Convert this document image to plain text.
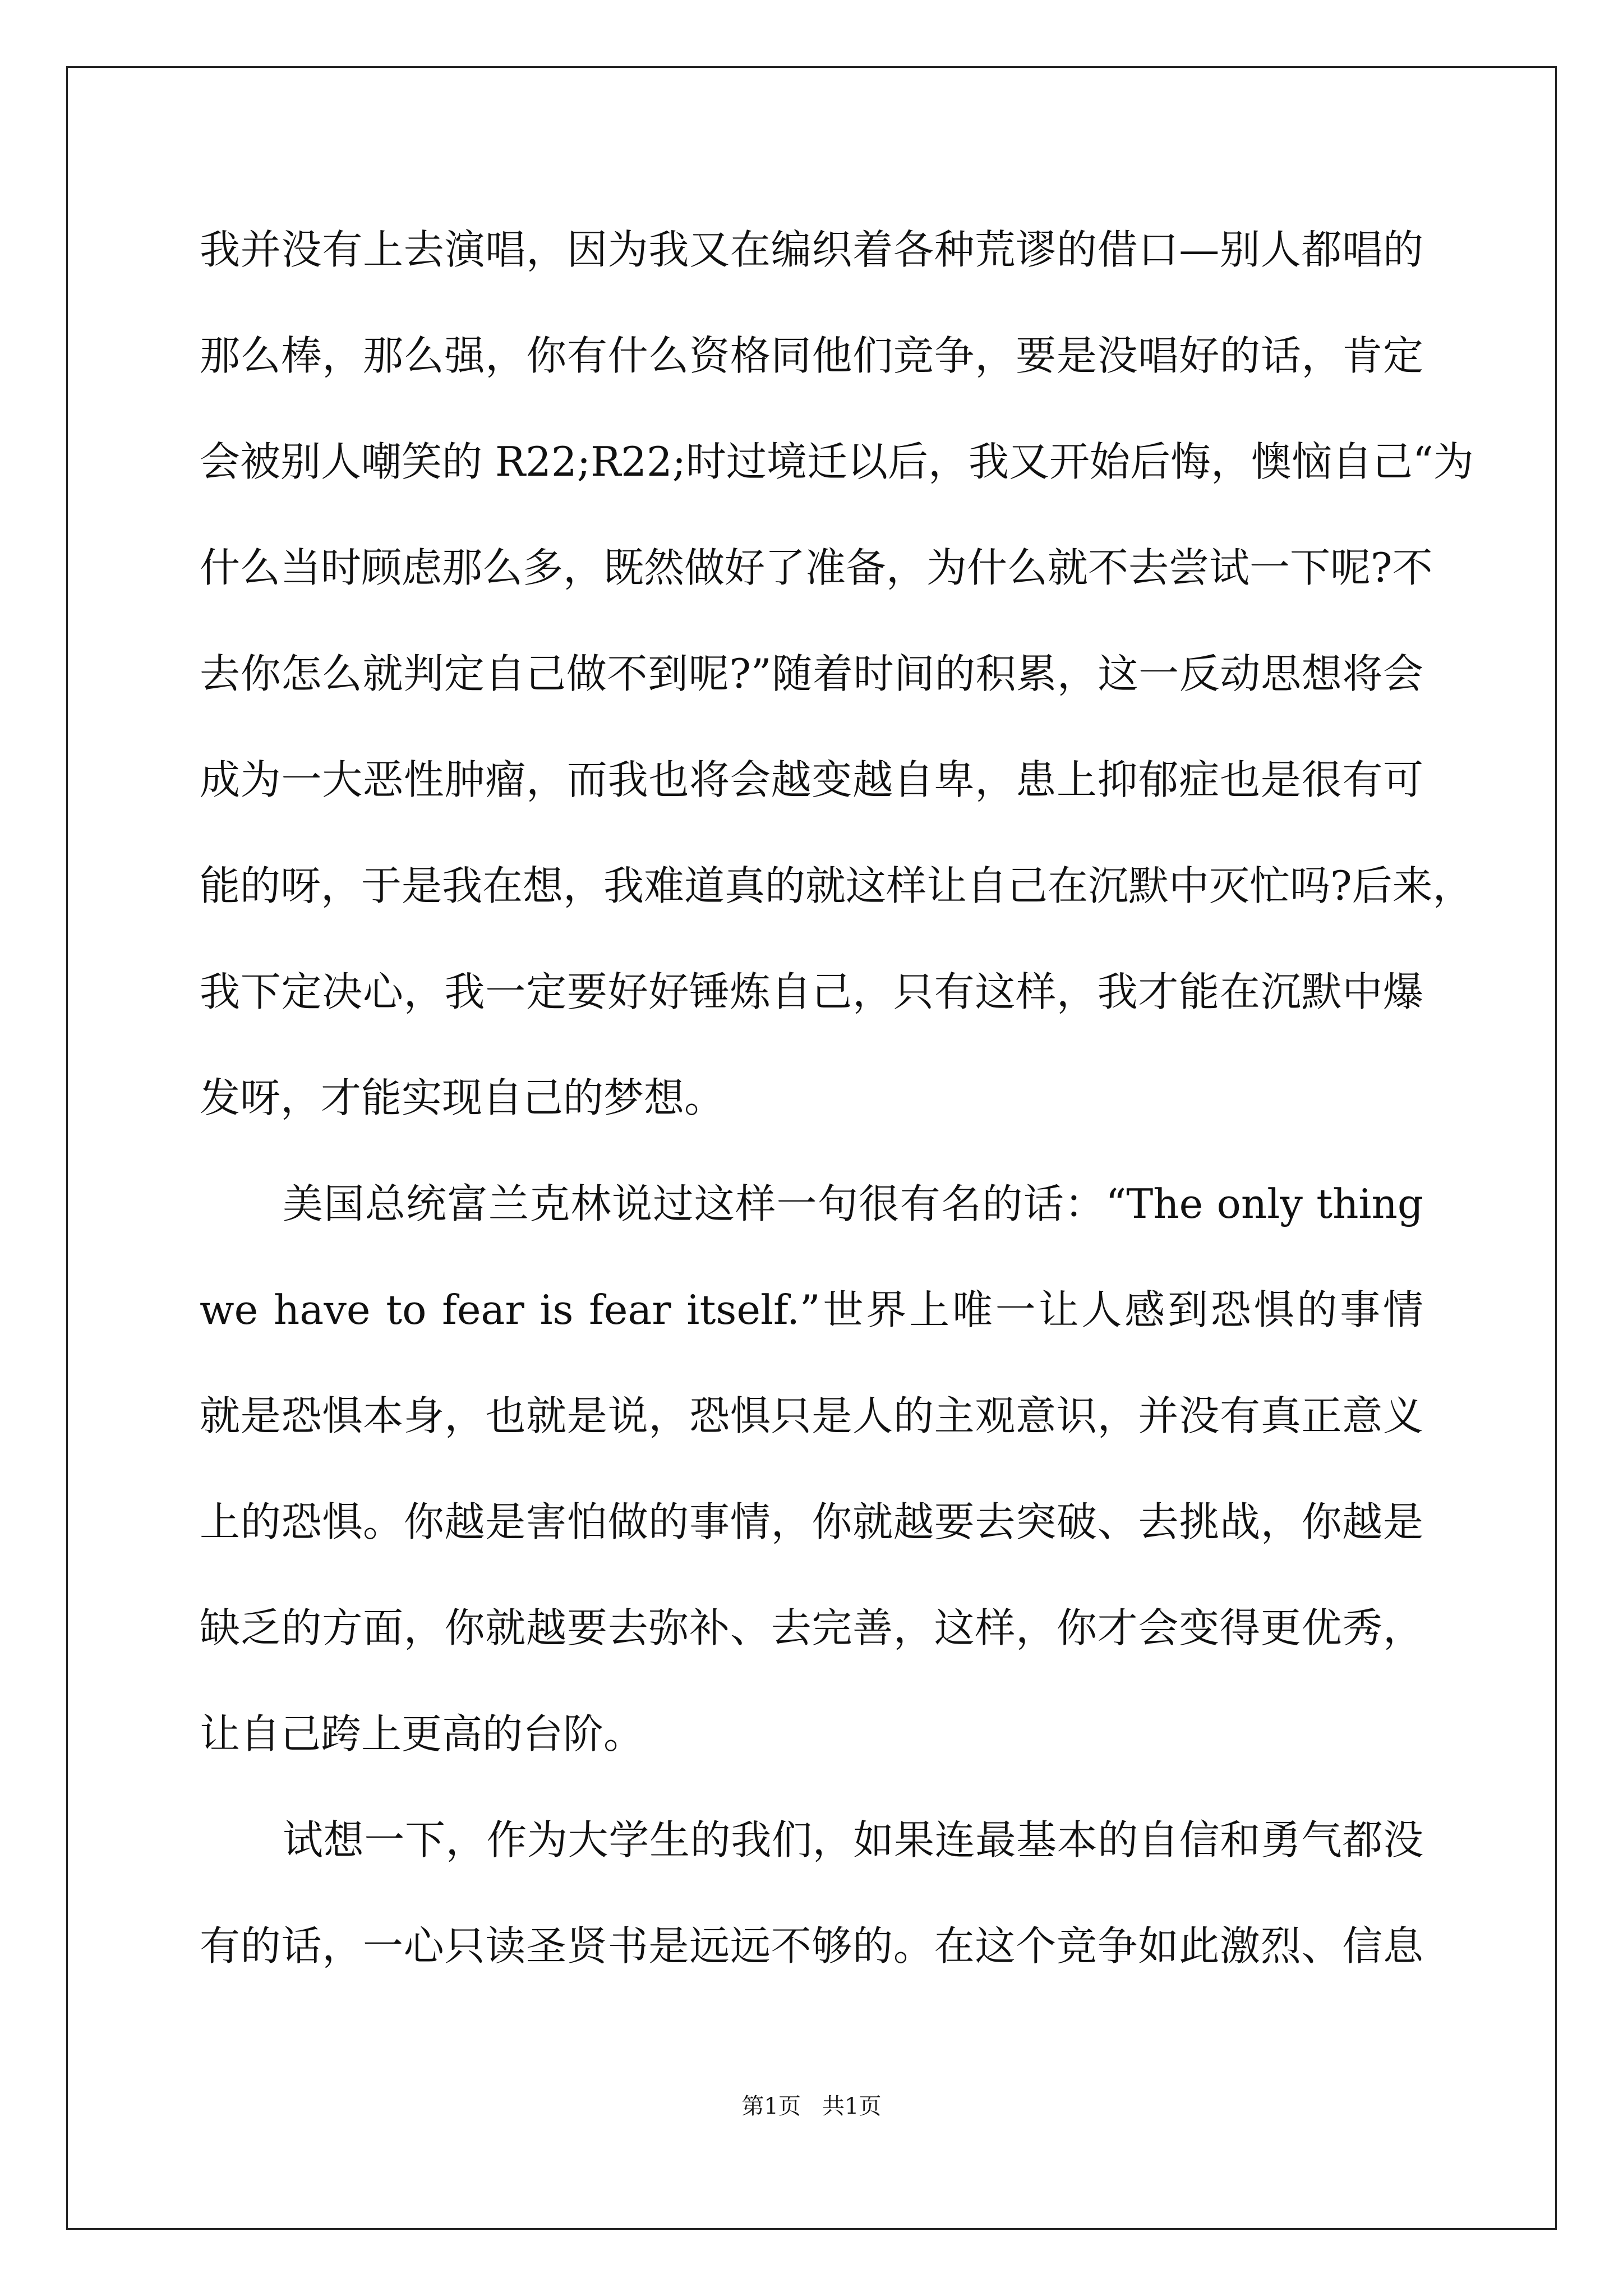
我并没有上去演唱，因为我又在编织着各种荒谬的借口—别人都唱的
那么棒，那么强，你有什么资格同他们竞争，要是没唱好的话，肯定
会被别人嘲笑的 R22;R22;时过境迁以后，我又开始后悔，懊恼自己“为
什么当时顾虑那么多，既然做好了准备，为什么就不去尝试一下呢?不
去你怎么就判定自己做不到呢?”随着时间的积累，这一反动思想将会
成为一大恶性肿瘤，而我也将会越变越自卑，患上抑郁症也是很有可
能的呀，于是我在想，我难道真的就这样让自己在沉默中灭忙吗?后来，
我下定决心，我一定要好好锤炼自己，只有这样，我才能在沉默中爆
发呀，才能实现自己的梦想。
美国总统富兰克林说过这样一句很有名的话：“The only thing
we have to fear is fear itself.”世界上唯一让人感到恐惧的事情
就是恐惧本身，也就是说，恐惧只是人的主观意识，并没有真正意义
上的恐惧。你越是害怕做的事情，你就越要去突破、去挑战，你越是
缺乏的方面，你就越要去弥补、去完善，这样，你才会变得更优秀，
让自己跨上更高的台阶。
试想一下，作为大学生的我们，如果连最基本的自信和勇气都没
有的话，一心只读圣贤书是远远不够的。在这个竞争如此激烈、信息
第1页 共1页
